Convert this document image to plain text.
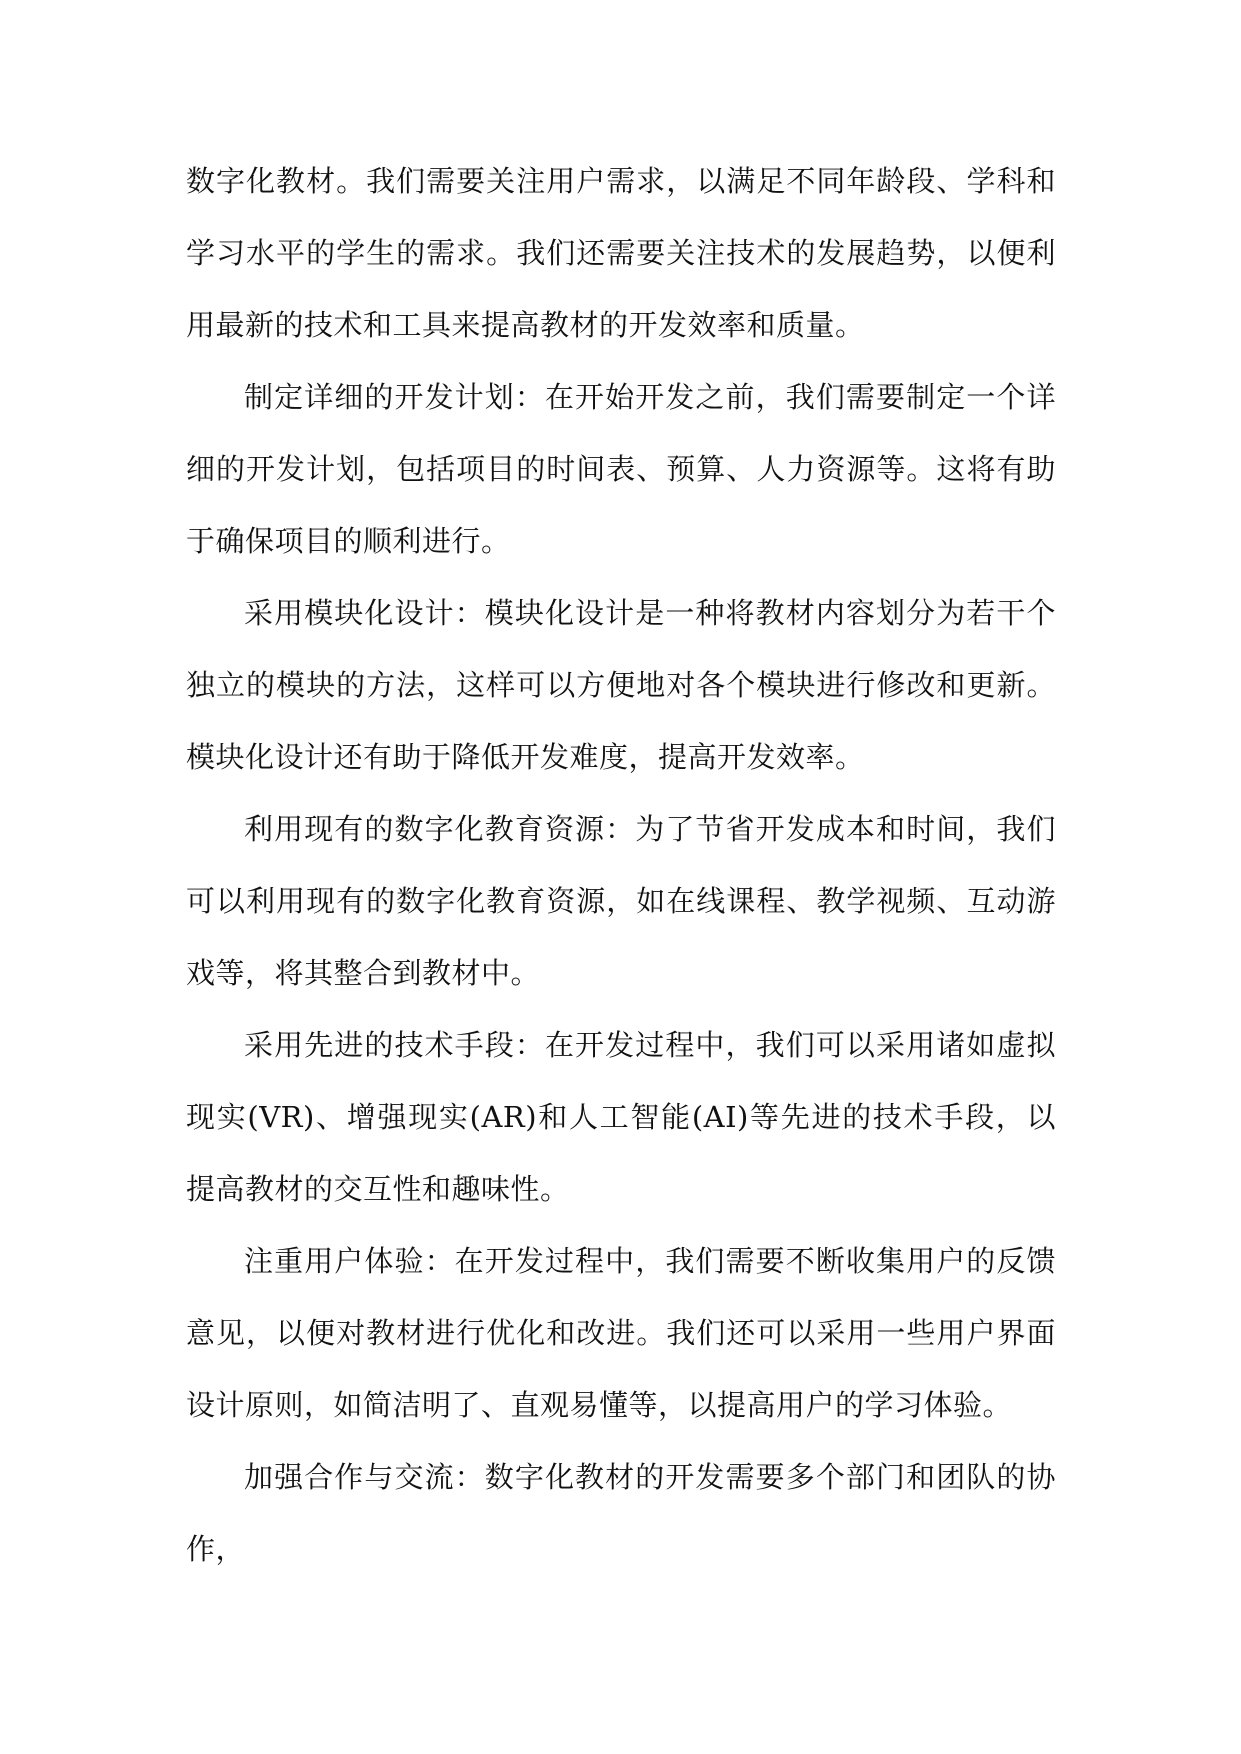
数字化教材。我们需要关注用户需求，以满足不同年龄段、学科和学习水平的学生的需求。我们还需要关注技术的发展趋势，以便利用最新的技术和工具来提高教材的开发效率和质量。

制定详细的开发计划：在开始开发之前，我们需要制定一个详细的开发计划，包括项目的时间表、预算、人力资源等。这将有助于确保项目的顺利进行。

采用模块化设计：模块化设计是一种将教材内容划分为若干个独立的模块的方法，这样可以方便地对各个模块进行修改和更新。模块化设计还有助于降低开发难度，提高开发效率。

利用现有的数字化教育资源：为了节省开发成本和时间，我们可以利用现有的数字化教育资源，如在线课程、教学视频、互动游戏等，将其整合到教材中。

采用先进的技术手段：在开发过程中，我们可以采用诸如虚拟现实(VR)、增强现实(AR)和人工智能(AI)等先进的技术手段，以提高教材的交互性和趣味性。

注重用户体验：在开发过程中，我们需要不断收集用户的反馈意见，以便对教材进行优化和改进。我们还可以采用一些用户界面设计原则，如简洁明了、直观易懂等，以提高用户的学习体验。

加强合作与交流：数字化教材的开发需要多个部门和团队的协作，
